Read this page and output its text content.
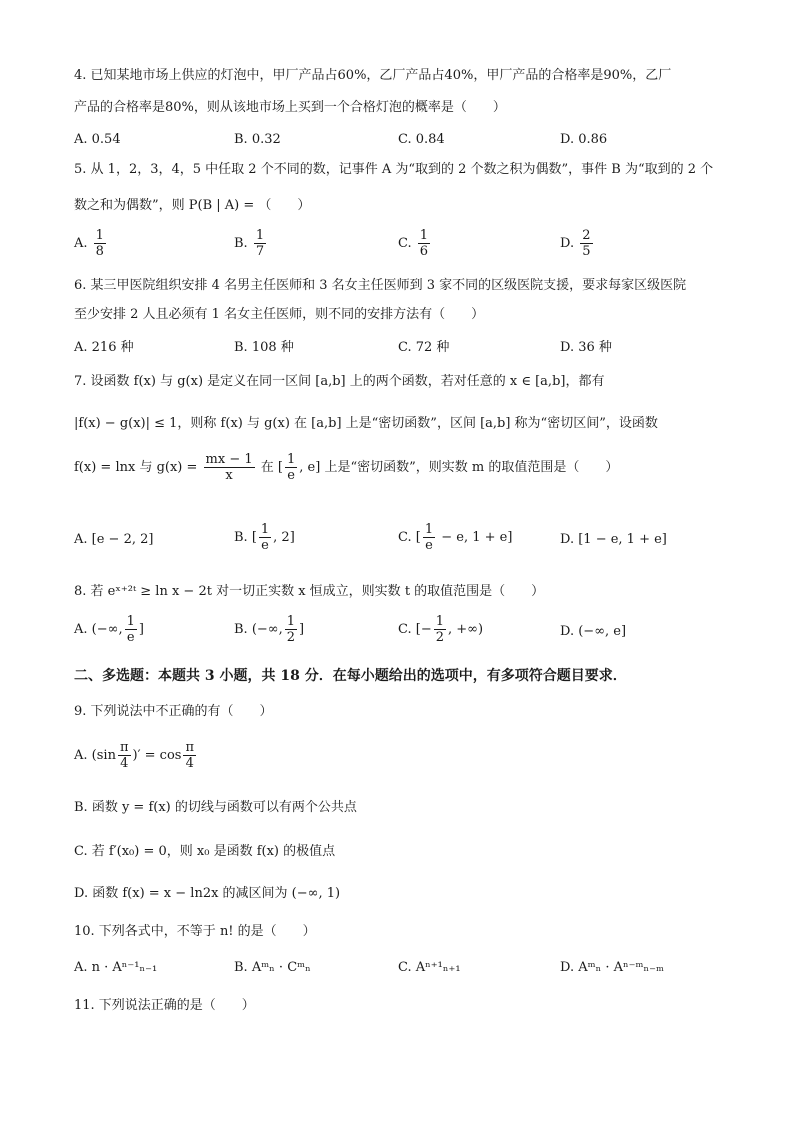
4. 已知某地市场上供应的灯泡中，甲厂产品占60%，乙厂产品占40%，甲厂产品的合格率是90%，乙厂
产品的合格率是80%，则从该地市场上买到一个合格灯泡的概率是（　　）
A. 0.54	B. 0.32	C. 0.84	D. 0.86
5. 从 1，2，3，4，5 中任取 2 个不同的数，记事件 A 为“取到的 2 个数之积为偶数”，事件 B 为“取到的 2 个
数之和为偶数”，则 P(B | A) = （　　）
A. $\frac{1}{8}$	B. $\frac{1}{7}$	C. $\frac{1}{6}$	D. $\frac{2}{5}$
6. 某三甲医院组织安排 4 名男主任医师和 3 名女主任医师到 3 家不同的区级医院支援，要求每家区级医院
至少安排 2 人且必须有 1 名女主任医师，则不同的安排方法有（　　）
A. 216 种	B. 108 种	C. 72 种	D. 36 种
7. 设函数 f(x) 与 g(x) 是定义在同一区间 [a,b] 上的两个函数，若对任意的 x ∈ [a,b]，都有
|f(x) − g(x)| ≤ 1，则称 f(x) 与 g(x) 在 [a,b] 上是“密切函数”，区间 [a,b] 称为“密切区间”，设函数
f(x) = lnx 与 $g(x) = \frac{mx - 1}{x}$ 在 [ $\frac{1}{e}$ , e] 上是“密切函数”，则实数 m 的取值范围是（　　）
A. [e − 2, 2]	B. [ $\frac{1}{e}$ , 2]	C. [ $\frac{1}{e} - e$, 1 + e]	D. [1 − e, 1 + e]
8. 若 eˣ⁺²ᵗ ≥ ln x − 2t 对一切正实数 x 恒成立，则实数 t 的取值范围是（　　）
A. (−∞, $\frac{1}{e}$ ]	B. (−∞, $\frac{1}{2}$ ]	C. [− $\frac{1}{2}$ , +∞)	D. (−∞, e]
二、多选题：本题共 3 小题，共 18 分．在每小题给出的选项中，有多项符合题目要求．
9. 下列说法中不正确的有（　　）
A. ($\sin \frac{\pi}{4}$ )′ = $\cos \frac{\pi}{4}$
B. 函数 y = f(x) 的切线与函数可以有两个公共点
C. 若 f′(x₀) = 0，则 x₀ 是函数 f(x) 的极值点
D. 函数 f(x) = x − ln2x 的减区间为 (−∞, 1)
10. 下列各式中，不等于 n! 的是（　　）
A. n · Aⁿ⁻¹ₙ₋₁	B. Aᵐₙ · Cᵐₙ	C. Aⁿ⁺¹ₙ₊₁	D. Aᵐₙ · Aⁿ⁻ᵐₙ₋ₘ
11. 下列说法正确的是（　　）
